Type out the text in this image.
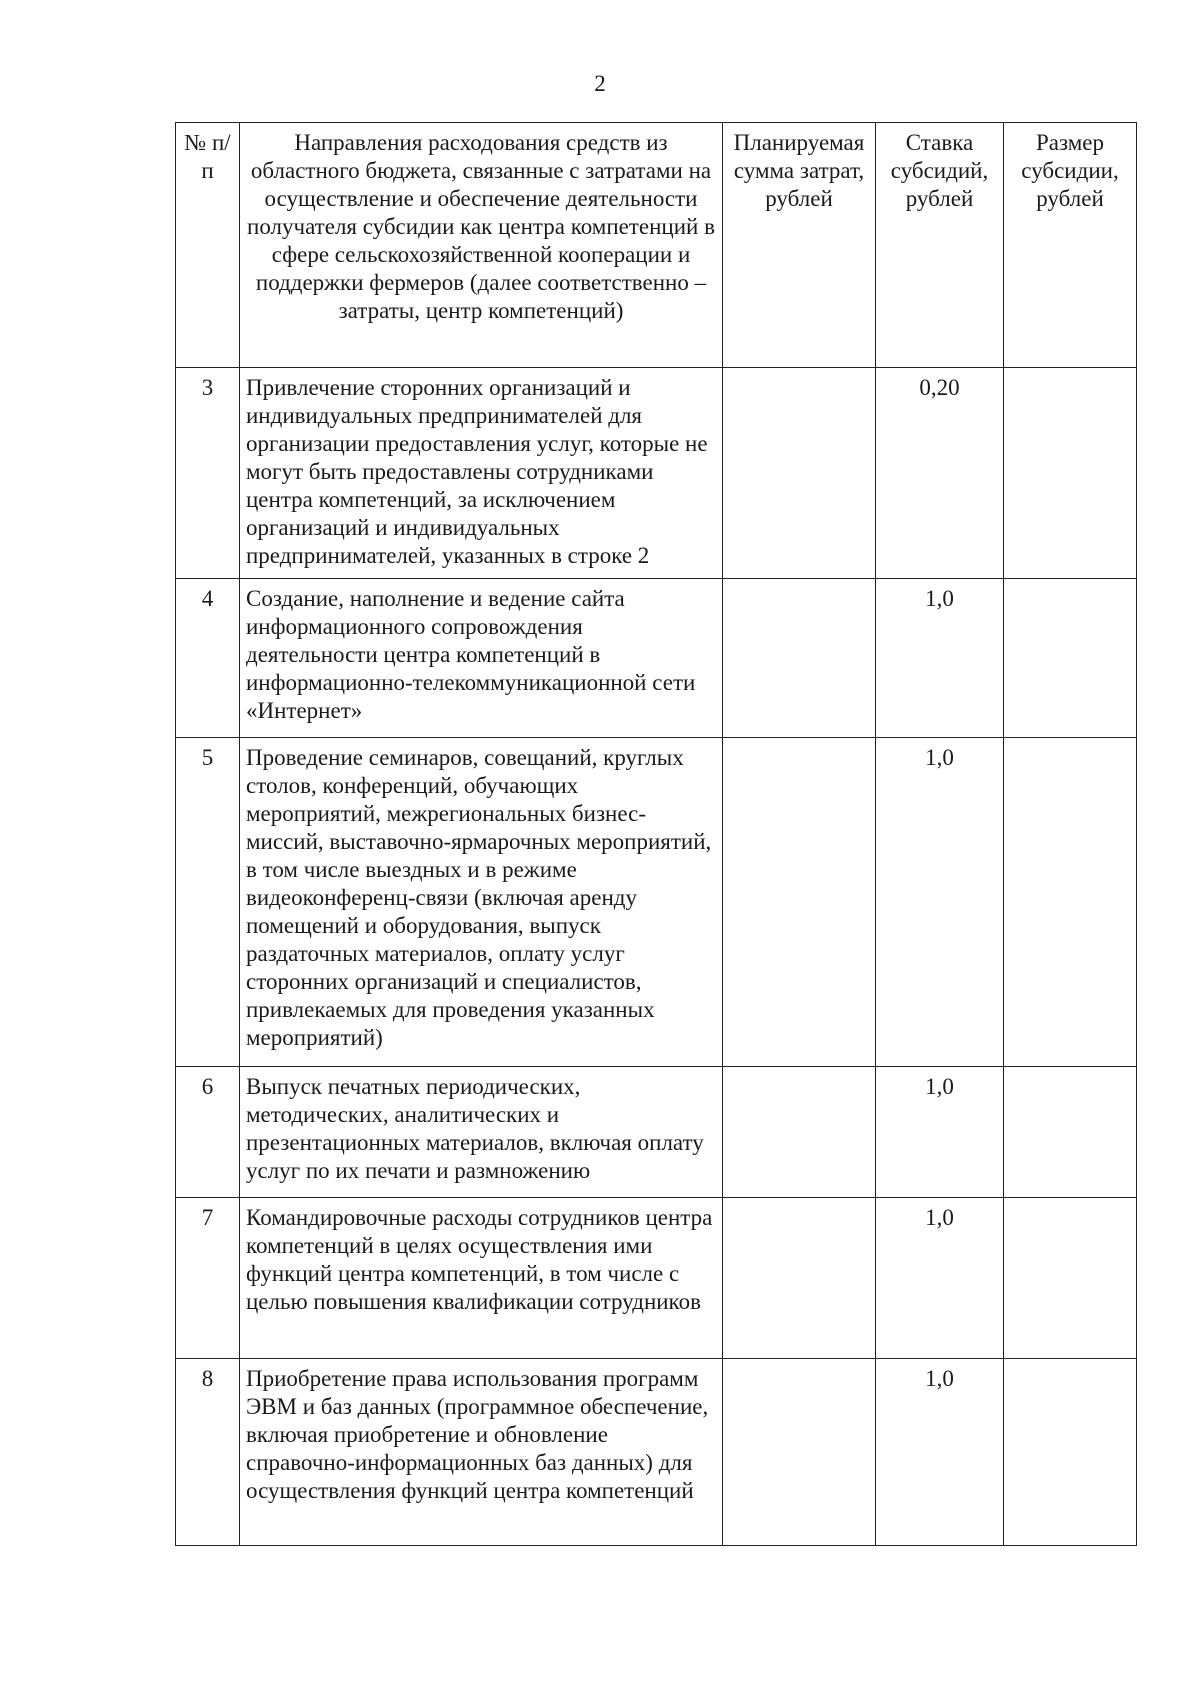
2
№ п/п	Направления расходования средств из областного бюджета, связанные с затратами на осуществление и обеспечение деятельности получателя субсидии как центра компетенций в сфере сельскохозяйственной кооперации и поддержки фермеров (далее соответственно – затраты, центр компетенций)	Планируемая сумма затрат, рублей	Ставка субсидий, рублей	Размер субсидии, рублей
3	Привлечение сторонних организаций и индивидуальных предпринимателей для организации предоставления услуг, которые не могут быть предоставлены сотрудниками центра компетенций, за исключением организаций и индивидуальных предпринимателей, указанных в строке 2		0,20	
4	Создание, наполнение и ведение сайта информационного сопровождения деятельности центра компетенций в информационно-телекоммуникационной сети «Интернет»		1,0	
5	Проведение семинаров, совещаний, круглых столов, конференций, обучающих мероприятий, межрегиональных бизнес-миссий, выставочно-ярмарочных мероприятий, в том числе выездных и в режиме видеоконференц-связи (включая аренду помещений и оборудования, выпуск раздаточных материалов, оплату услуг сторонних организаций и специалистов, привлекаемых для проведения указанных мероприятий)		1,0	
6	Выпуск печатных периодических, методических, аналитических и презентационных материалов, включая оплату услуг по их печати и размножению		1,0	
7	Командировочные расходы сотрудников центра компетенций в целях осуществления ими функций центра компетенций, в том числе с целью повышения квалификации сотрудников		1,0	
8	Приобретение права использования программ ЭВМ и баз данных (программное обеспечение, включая приобретение и обновление справочно-информационных баз данных) для осуществления функций центра компетенций		1,0	
